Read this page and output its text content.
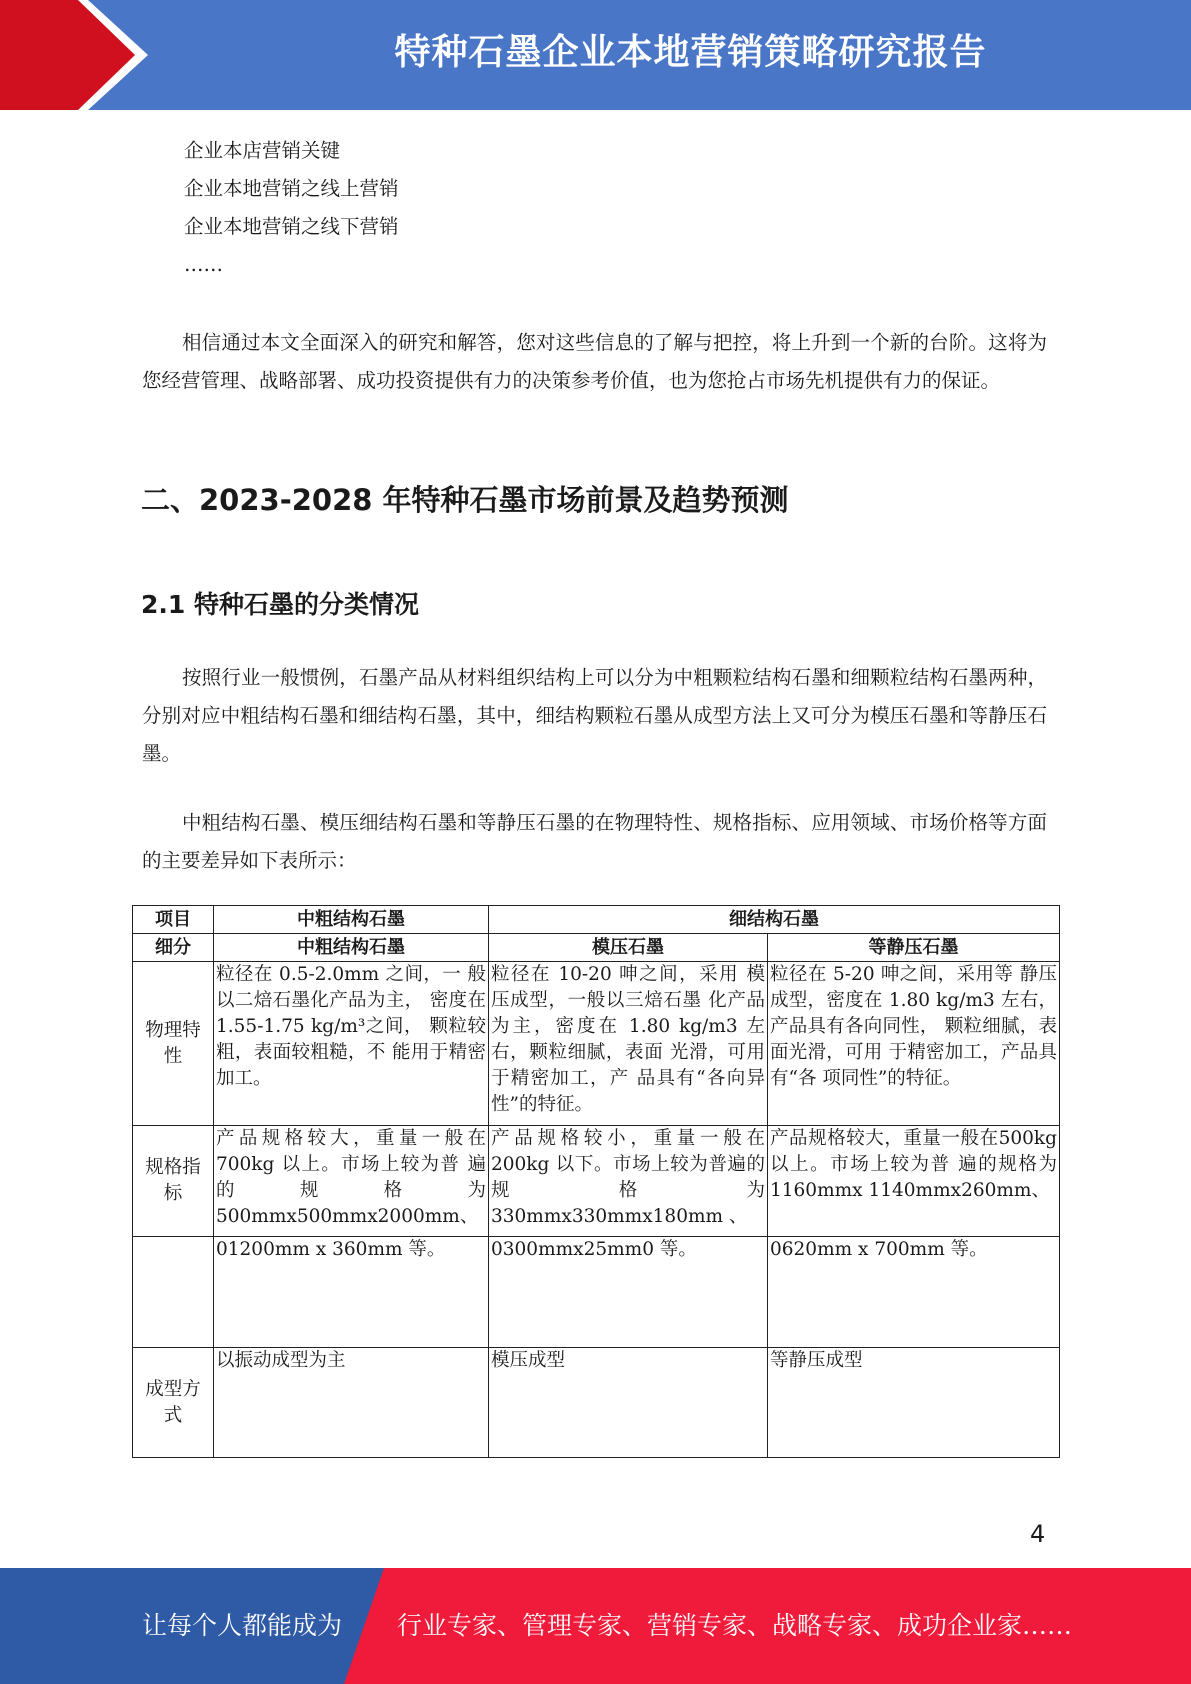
特种石墨企业本地营销策略研究报告
企业本店营销关键
企业本地营销之线上营销
企业本地营销之线下营销
……
相信通过本文全面深入的研究和解答，您对这些信息的了解与把控，将上升到一个新的台阶。这将为您经营管理、战略部署、成功投资提供有力的决策参考价值，也为您抢占市场先机提供有力的保证。
二、2023-2028 年特种石墨市场前景及趋势预测
2.1 特种石墨的分类情况
按照行业一般惯例，石墨产品从材料组织结构上可以分为中粗颗粒结构石墨和细颗粒结构石墨两种，分别对应中粗结构石墨和细结构石墨，其中，细结构颗粒石墨从成型方法上又可分为模压石墨和等静压石墨。
中粗结构石墨、模压细结构石墨和等静压石墨的在物理特性、规格指标、应用领域、市场价格等方面的主要差异如下表所示：
项目	中粗结构石墨	细结构石墨	
细分	中粗结构石墨	模压石墨	等静压石墨
物理特性	粒径在 0.5-2.0mm 之间，一 般以二焙石墨化产品为主， 密度在 1.55-1.75 kg/m³之间， 颗粒较粗，表面较粗糙，不 能用于精密加工。	粒径在 10-20 呻之间，采用 模压成型，一般以三焙石墨 化产品为主，密度在 1.80 kg/m3 左右，颗粒细腻，表面 光滑，可用于精密加工，产 品具有“各向异性”的特征。	粒径在 5-20 呻之间，采用等 静压成型，密度在 1.80 kg/m3 左右，产品具有各向同性， 颗粒细腻，表面光滑，可用 于精密加工，产品具有“各 项同性”的特征。
规格指标	产品规格较大，重量一般在700kg 以上。市场上较为普 遍的规格为 500mmx500mmx2000mm、	产品规格较小，重量一般在200kg 以下。市场上较为普遍的规格为 330mmx330mmx180mm 、	产品规格较大，重量一般在500kg 以上。市场上较为普 遍的规格为 1160mmx 1140mmx260mm、
	01200mm x 360mm 等。	0300mmx25mm0 等。	0620mm x 700mm 等。
成型方式	以振动成型为主	模压成型	等静压成型
4
让每个人都能成为 行业专家、管理专家、营销专家、战略专家、成功企业家……
